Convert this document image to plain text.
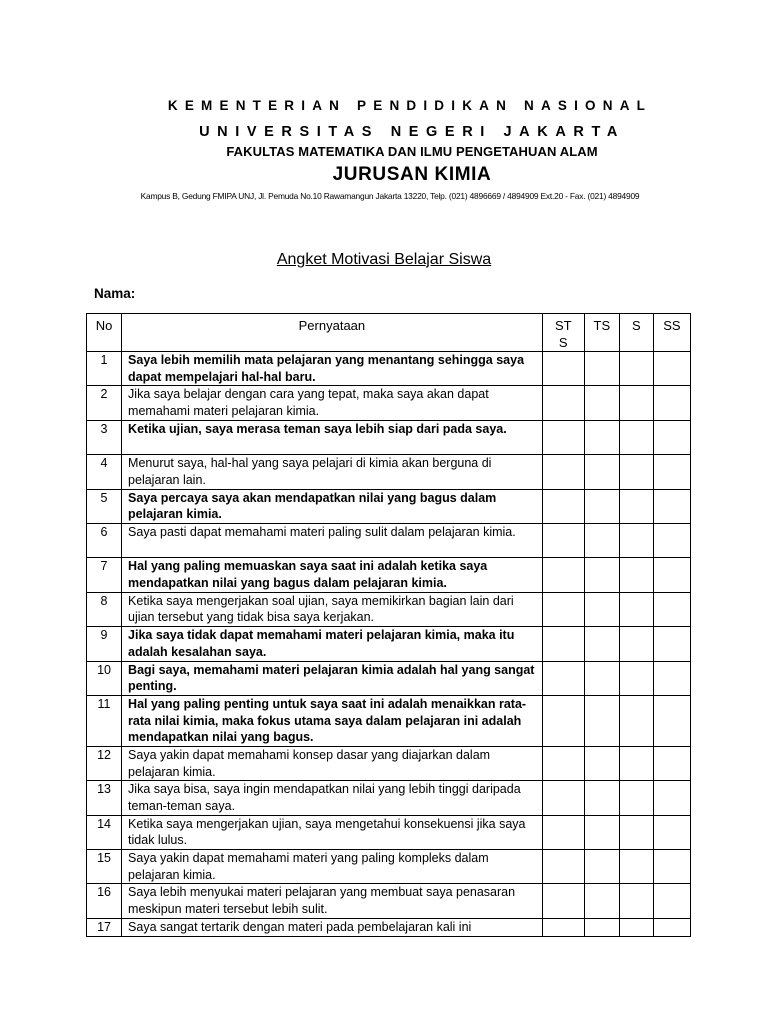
KEMENTERIAN PENDIDIKAN NASIONAL
UNIVERSITAS NEGERI JAKARTA
FAKULTAS MATEMATIKA DAN ILMU PENGETAHUAN ALAM
JURUSAN KIMIA
Kampus B, Gedung FMIPA UNJ, Jl. Pemuda No.10 Rawamangun Jakarta 13220, Telp. (021) 4896669 / 4894909 Ext.20 - Fax. (021) 4894909
Angket Motivasi Belajar Siswa
Nama:
No	Pernyataan	ST S	TS	S	SS
1	Saya lebih memilih mata pelajaran yang menantang sehingga saya dapat mempelajari hal-hal baru.				
2	Jika saya belajar dengan cara yang tepat, maka saya akan dapat memahami materi pelajaran kimia.				
3	Ketika ujian, saya merasa teman saya lebih siap dari pada saya.				
4	Menurut saya, hal-hal yang saya pelajari di kimia akan berguna di pelajaran lain.				
5	Saya percaya saya akan mendapatkan nilai yang bagus dalam pelajaran kimia.				
6	Saya pasti dapat memahami materi paling sulit dalam pelajaran kimia.				
7	Hal yang paling memuaskan saya saat ini adalah ketika saya mendapatkan nilai yang bagus dalam pelajaran kimia.				
8	Ketika saya mengerjakan soal ujian, saya memikirkan bagian lain dari ujian tersebut yang tidak bisa saya kerjakan.				
9	Jika saya tidak dapat memahami materi pelajaran kimia, maka itu adalah kesalahan saya.				
10	Bagi saya, memahami materi pelajaran kimia adalah hal yang sangat penting.				
11	Hal yang paling penting untuk saya saat ini adalah menaikkan rata-rata nilai kimia, maka fokus utama saya dalam pelajaran ini adalah mendapatkan nilai yang bagus.				
12	Saya yakin dapat memahami konsep dasar yang diajarkan dalam pelajaran kimia.				
13	Jika saya bisa, saya ingin mendapatkan nilai yang lebih tinggi daripada teman-teman saya.				
14	Ketika saya mengerjakan ujian, saya mengetahui konsekuensi jika saya tidak lulus.				
15	Saya yakin dapat memahami materi yang paling kompleks dalam pelajaran kimia.				
16	Saya lebih menyukai materi pelajaran yang membuat saya penasaran meskipun materi tersebut lebih sulit.				
17	Saya sangat tertarik dengan materi pada pembelajaran kali ini				
